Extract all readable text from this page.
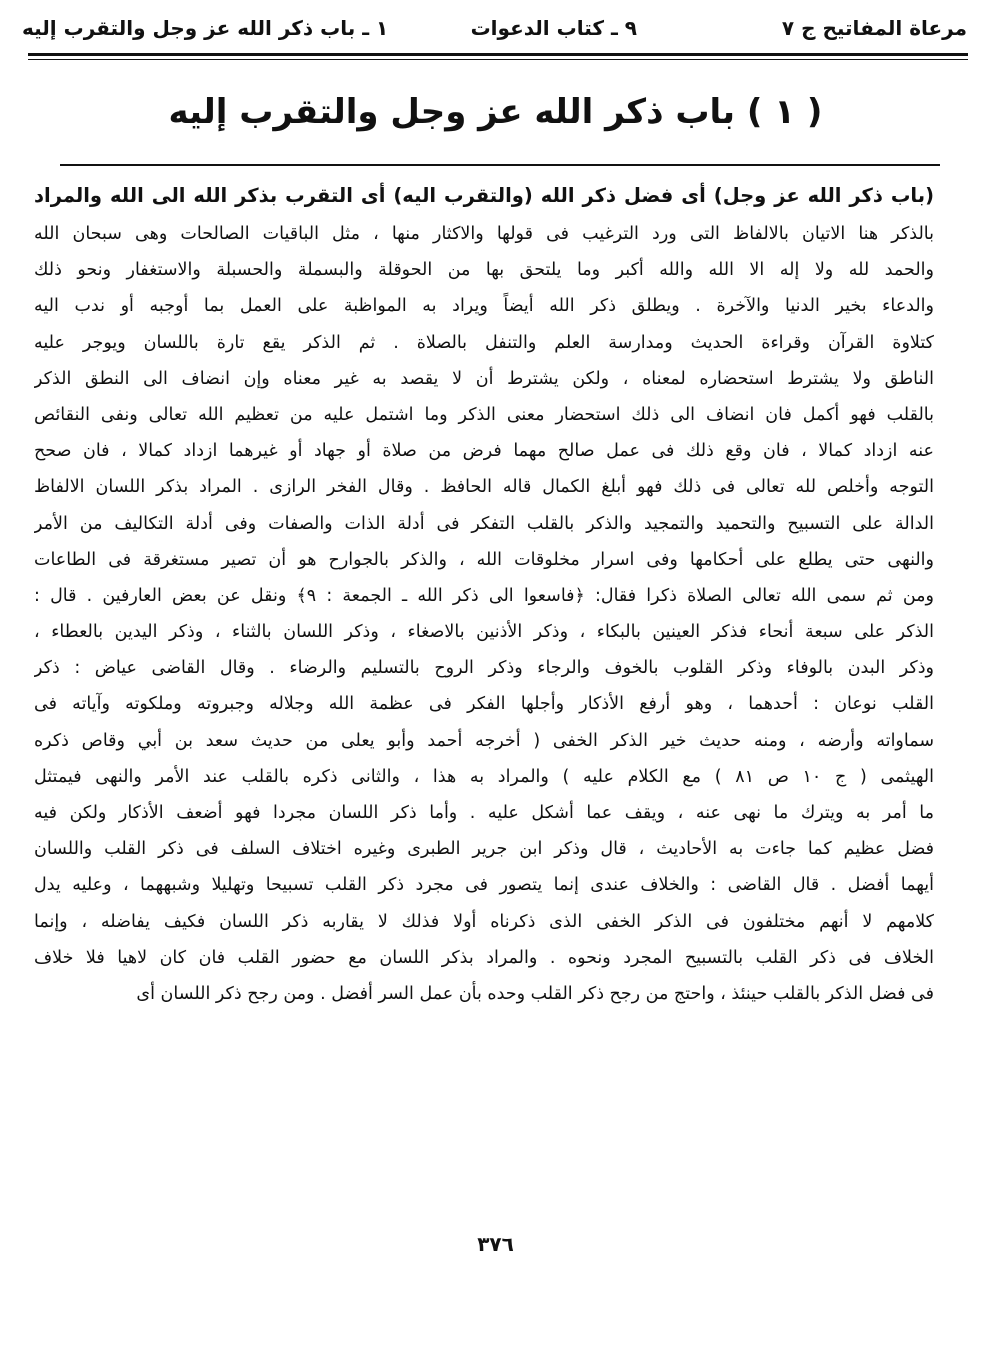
مرعاة المفاتيح ج ٧
٩ ـ كتاب الدعوات
١ ـ باب ذكر الله عز وجل والتقرب إليه
( ١ ) باب ذكر الله عز وجل والتقرب إليه
(باب ذكر الله عز وجل) أى فضل ذكر الله (والتقرب اليه) أى التقرب بذكر الله الى الله والمراد
بالذكر هنا الاتيان بالالفاظ التى ورد الترغيب فى قولها والاكثار منها ، مثل الباقيات الصالحات وهى سبحان الله
والحمد لله ولا إله الا الله والله أكبر وما يلتحق بها من الحوقلة والبسملة والحسبلة والاستغفار ونحو ذلك
والدعاء بخير الدنيا والآخرة . ويطلق ذكر الله أيضاً ويراد به المواظبة على العمل بما أوجبه أو ندب اليه
كتلاوة القرآن وقراءة الحديث ومدارسة العلم والتنفل بالصلاة . ثم الذكر يقع تارة باللسان ويوجر عليه
الناطق ولا يشترط استحضاره لمعناه ، ولكن يشترط أن لا يقصد به غير معناه وإن انضاف الى النطق الذكر
بالقلب فهو أكمل فان انضاف الى ذلك استحضار معنى الذكر وما اشتمل عليه من تعظيم الله تعالى ونفى النقائص
عنه ازداد كمالا ، فان وقع ذلك فى عمل صالح مهما فرض من صلاة أو جهاد أو غيرهما ازداد كمالا ، فان صحح
التوجه وأخلص لله تعالى فى ذلك فهو أبلغ الكمال قاله الحافظ . وقال الفخر الرازى . المراد بذكر اللسان الالفاظ
الدالة على التسبيح والتحميد والتمجيد والذكر بالقلب التفكر فى أدلة الذات والصفات وفى أدلة التكاليف من الأمر
والنهى حتى يطلع على أحكامها وفى اسرار مخلوقات الله ، والذكر بالجوارح هو أن تصير مستغرقة فى الطاعات
ومن ثم سمى الله تعالى الصلاة ذكرا فقال: ﴿فاسعوا الى ذكر الله ـ الجمعة : ٩﴾ ونقل عن بعض العارفين . قال :
الذكر على سبعة أنحاء فذكر العينين بالبكاء ، وذكر الأذنين بالاصغاء ، وذكر اللسان بالثناء ، وذكر اليدين بالعطاء ،
وذكر البدن بالوفاء وذكر القلوب بالخوف والرجاء وذكر الروح بالتسليم والرضاء . وقال القاضى عياض : ذكر
القلب نوعان : أحدهما ، وهو أرفع الأذكار وأجلها الفكر فى عظمة الله وجلاله وجبروته وملكوته وآياته فى
سماواته وأرضه ، ومنه حديث خير الذكر الخفى ( أخرجه أحمد وأبو يعلى من حديث سعد بن أبي وقاص ذكره
الهيثمى ( ج ١٠ ص ٨١ ) مع الكلام عليه ) والمراد به هذا ، والثانى ذكره بالقلب عند الأمر والنهى فيمتثل
ما أمر به ويترك ما نهى عنه ، ويقف عما أشكل عليه . وأما ذكر اللسان مجردا فهو أضعف الأذكار ولكن فيه
فضل عظيم كما جاءت به الأحاديث ، قال وذكر ابن جرير الطبرى وغيره اختلاف السلف فى ذكر القلب واللسان
أيهما أفضل . قال القاضى : والخلاف عندى إنما يتصور فى مجرد ذكر القلب تسبيحا وتهليلا وشبههما ، وعليه يدل
كلامهم لا أنهم مختلفون فى الذكر الخفى الذى ذكرناه أولا فذلك لا يقاربه ذكر اللسان فكيف يفاضله ، وإنما
الخلاف فى ذكر القلب بالتسبيح المجرد ونحوه . والمراد بذكر اللسان مع حضور القلب فان كان لاهيا فلا خلاف
فى فضل الذكر بالقلب حينئذ ، واحتج من رجح ذكر القلب وحده بأن عمل السر أفضل . ومن رجح ذكر اللسان أى
٣٧٦
